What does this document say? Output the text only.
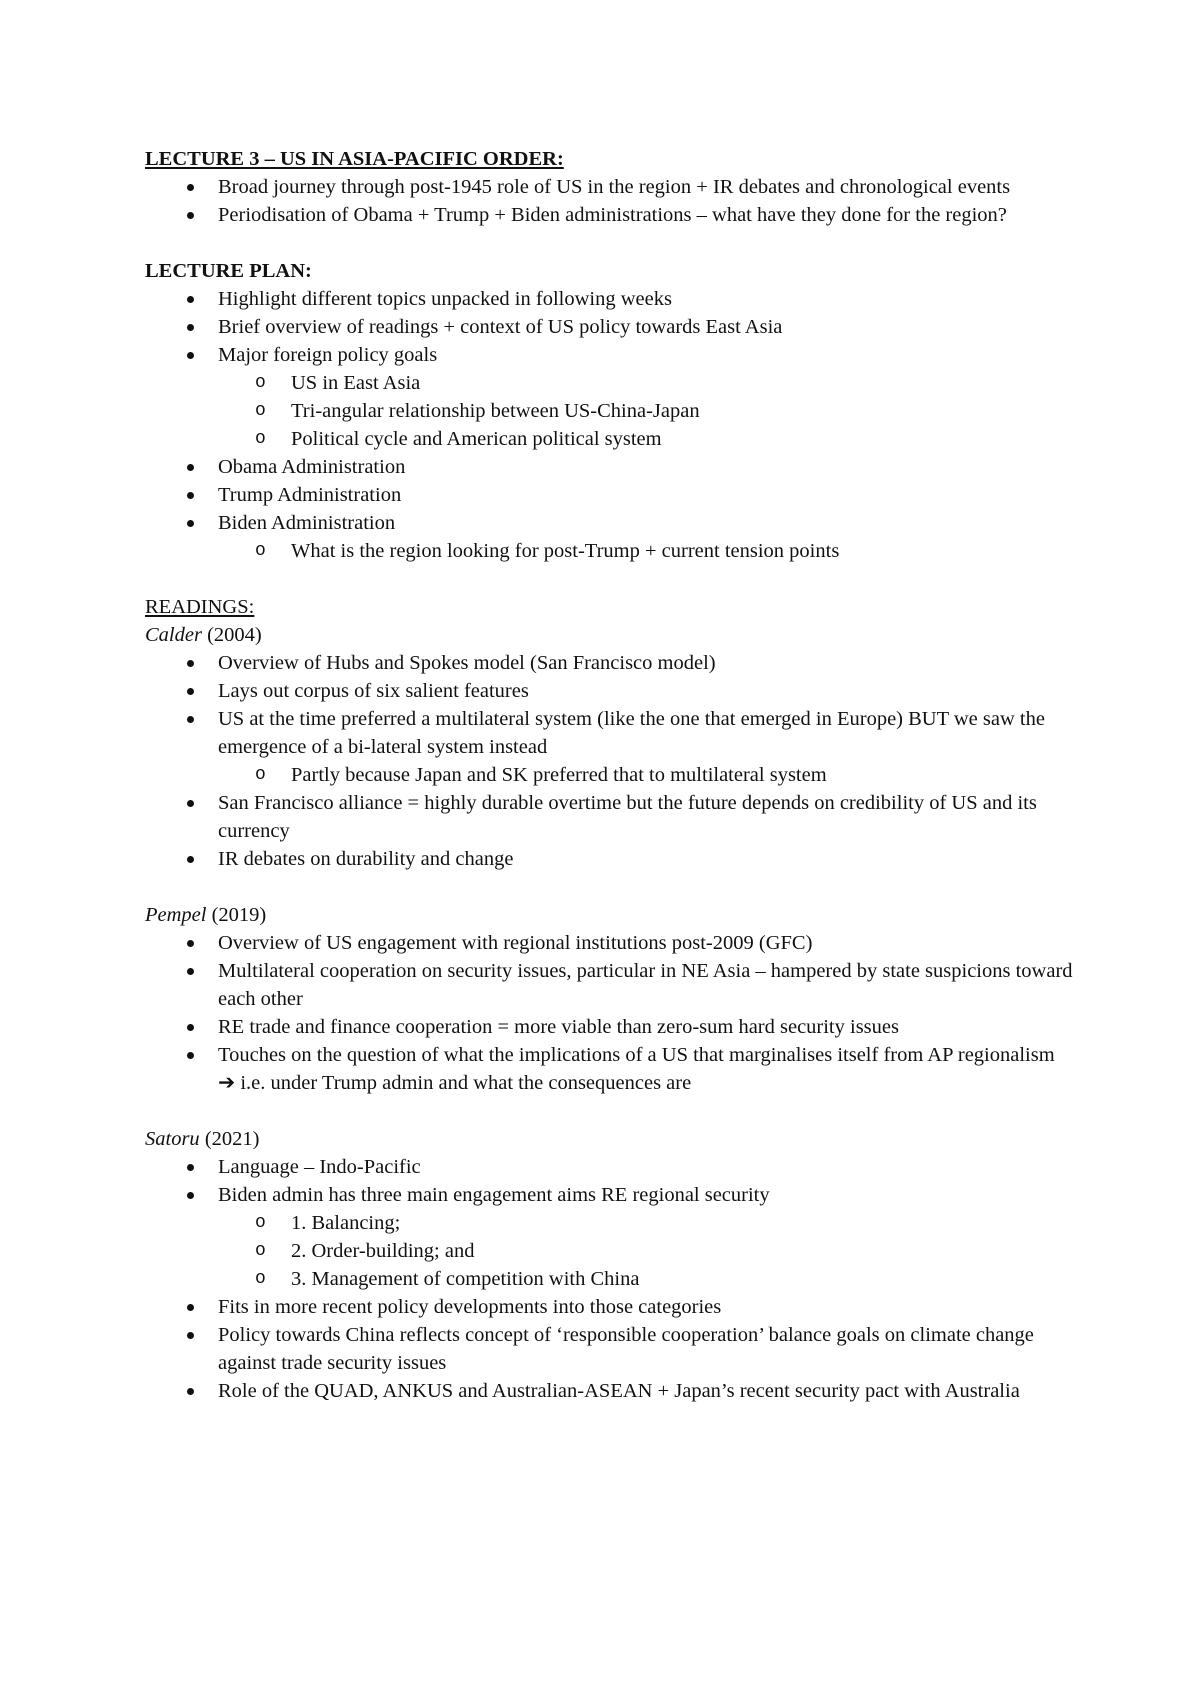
LECTURE 3 – US IN ASIA-PACIFIC ORDER:

Broad journey through post-1945 role of US in the region + IR debates and chronological events
Periodisation of Obama + Trump + Biden administrations – what have they done for the region?

LECTURE PLAN:

Highlight different topics unpacked in following weeks
Brief overview of readings + context of US policy towards East Asia
Major foreign policy goals
o US in East Asia
o Tri-angular relationship between US-China-Japan
o Political cycle and American political system
Obama Administration
Trump Administration
Biden Administration
o What is the region looking for post-Trump + current tension points

READINGS:

Calder (2004)

Overview of Hubs and Spokes model (San Francisco model)
Lays out corpus of six salient features
US at the time preferred a multilateral system (like the one that emerged in Europe) BUT we saw the emergence of a bi-lateral system instead
o Partly because Japan and SK preferred that to multilateral system
San Francisco alliance = highly durable overtime but the future depends on credibility of US and its currency
IR debates on durability and change

Pempel (2019)

Overview of US engagement with regional institutions post-2009 (GFC)
Multilateral cooperation on security issues, particular in NE Asia – hampered by state suspicions toward each other
RE trade and finance cooperation = more viable than zero-sum hard security issues
Touches on the question of what the implications of a US that marginalises itself from AP regionalism ➔ i.e. under Trump admin and what the consequences are

Satoru (2021)

Language – Indo-Pacific
Biden admin has three main engagement aims RE regional security
o 1. Balancing;
o 2. Order-building; and
o 3. Management of competition with China
Fits in more recent policy developments into those categories
Policy towards China reflects concept of ‘responsible cooperation’ balance goals on climate change against trade security issues
Role of the QUAD, ANKUS and Australian-ASEAN + Japan’s recent security pact with Australia
